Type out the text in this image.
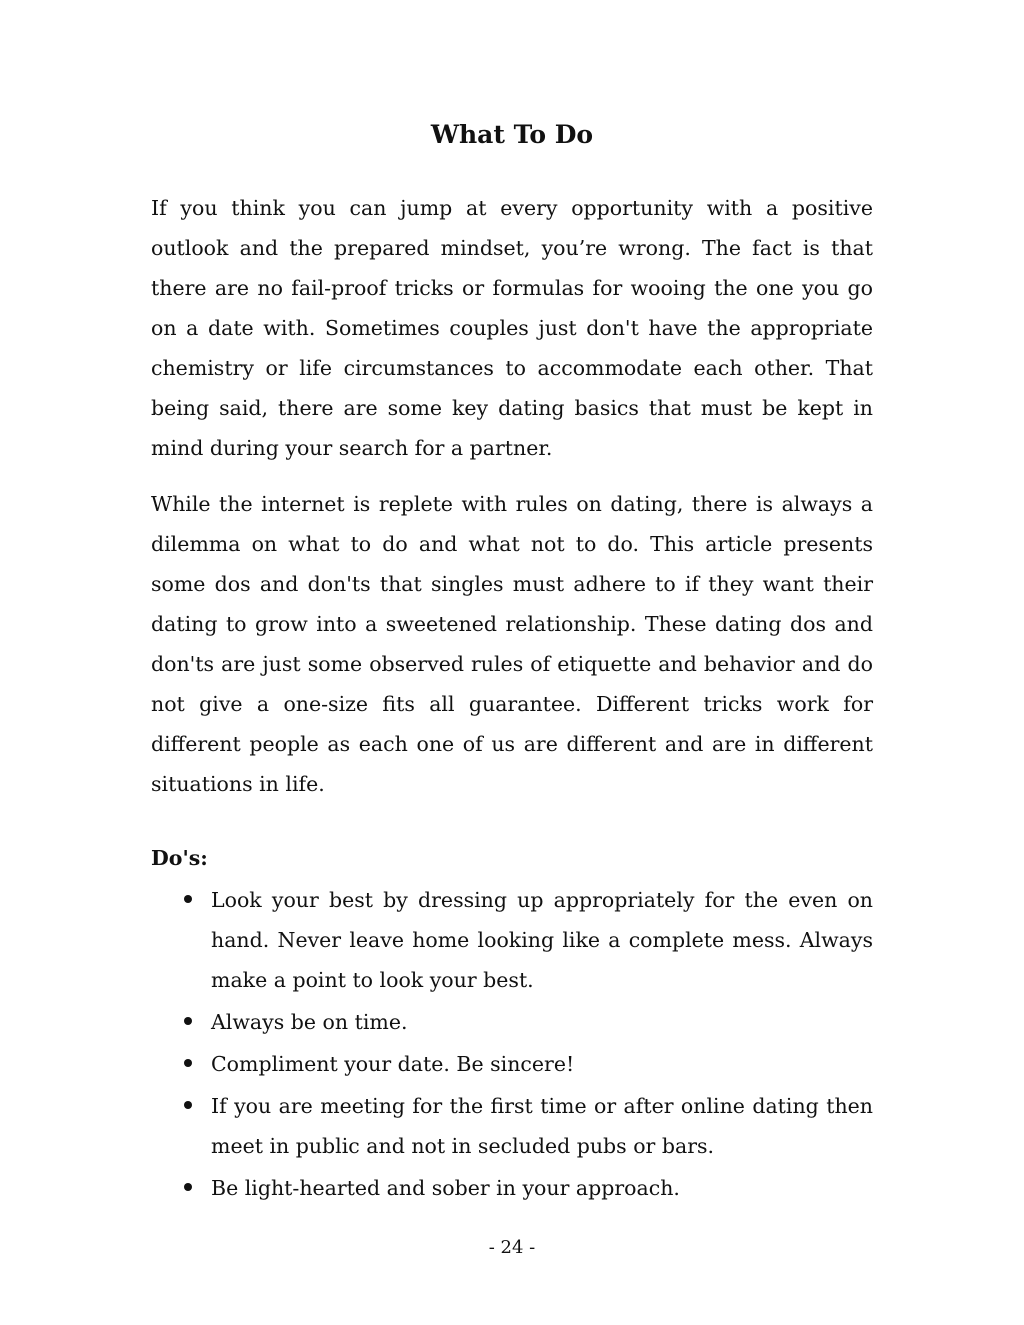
What To Do

If you think you can jump at every opportunity with a positive outlook and the prepared mindset, you’re wrong. The fact is that there are no fail-proof tricks or formulas for wooing the one you go on a date with. Sometimes couples just don't have the appropriate chemistry or life circumstances to accommodate each other. That being said, there are some key dating basics that must be kept in mind during your search for a partner.

While the internet is replete with rules on dating, there is always a dilemma on what to do and what not to do. This article presents some dos and don'ts that singles must adhere to if they want their dating to grow into a sweetened relationship. These dating dos and don'ts are just some observed rules of etiquette and behavior and do not give a one-size fits all guarantee. Different tricks work for different people as each one of us are different and are in different situations in life.

Do's:

Look your best by dressing up appropriately for the even on hand. Never leave home looking like a complete mess. Always make a point to look your best.
Always be on time.
Compliment your date. Be sincere!
If you are meeting for the first time or after online dating then meet in public and not in secluded pubs or bars.
Be light-hearted and sober in your approach.

- 24 -
